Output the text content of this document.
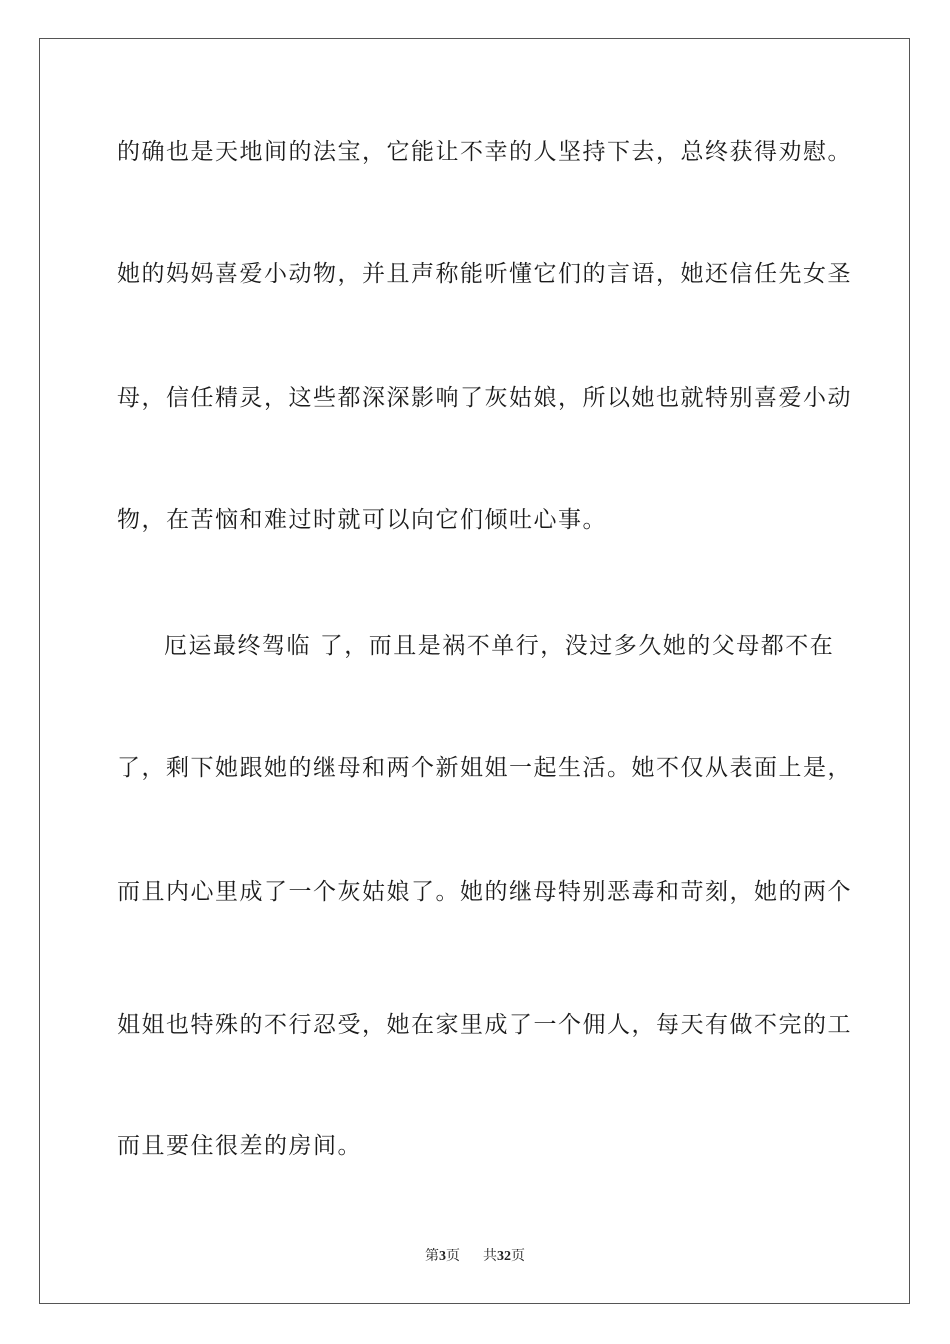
的确也是天地间的法宝，它能让不幸的人坚持下去，总终获得劝慰。
她的妈妈喜爱小动物，并且声称能听懂它们的言语，她还信任先女圣
母，信任精灵，这些都深深影响了灰姑娘，所以她也就特别喜爱小动
物，在苦恼和难过时就可以向它们倾吐心事。
厄运最终驾临 了，而且是祸不单行，没过多久她的父母都不在
了，剩下她跟她的继母和两个新姐姐一起生活。她不仅从表面上是，
而且内心里成了一个灰姑娘了。她的继母特别恶毒和苛刻，她的两个
姐姐也特殊的不行忍受，她在家里成了一个佣人，每天有做不完的工
而且要住很差的房间。
第3页 共32页
